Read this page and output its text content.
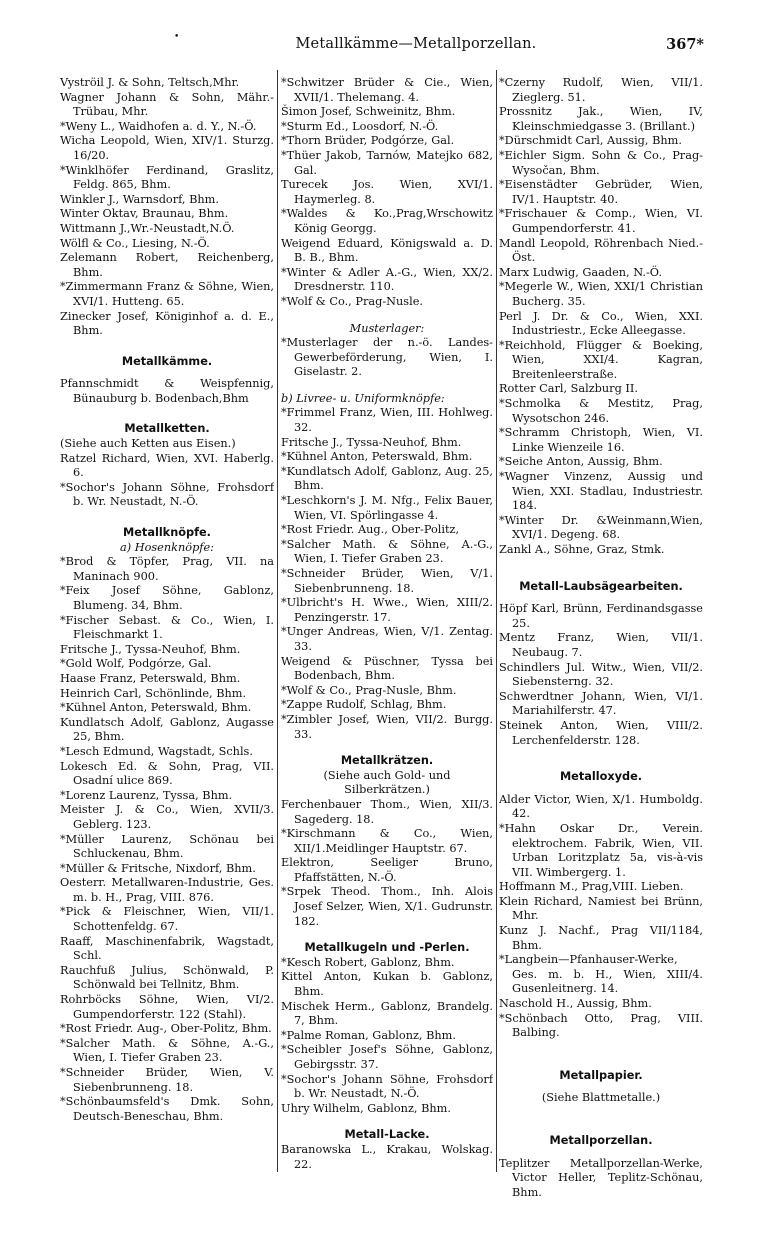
•	Metallkämme—Metallporzellan.	367*
Vyströil J. & Sohn, Teltsch,Mhr.
Wagner Johann & Sohn, Mähr.-Trübau, Mhr.
*Weny L., Waidhofen a. d. Y., N.-Ö.
Wicha Leopold, Wien, XIV/1. Sturzg. 16/20.
*Winklhöfer Ferdinand, Graslitz, Feldg. 865, Bhm.
Winkler J., Warnsdorf, Bhm.
Winter Oktav, Braunau, Bhm.
Wittmann J.,Wr.-Neustadt,N.Ö.
Wölfl & Co., Liesing, N.-Ö.
Zelemann Robert, Reichenberg, Bhm.
*Zimmermann Franz & Söhne, Wien, XVI/1. Hutteng. 65.
Zinecker Josef, Königinhof a. d. E., Bhm.
Metallkämme.
Pfannschmidt & Weispfennig, Bünauburg b. Bodenbach,Bhm
Metallketten.
(Siehe auch Ketten aus Eisen.)
Ratzel Richard, Wien, XVI. Haberlg. 6.
*Sochor's Johann Söhne, Frohsdorf b. Wr. Neustadt, N.-Ö.
Metallknöpfe.
a) Hosenknöpfe:
*Brod & Töpfer, Prag, VII. na Maninach 900.
*Feix Josef Söhne, Gablonz, Blumeng. 34, Bhm.
*Fischer Sebast. & Co., Wien, I. Fleischmarkt 1.
Fritsche J., Tyssa-Neuhof, Bhm.
*Gold Wolf, Podgórze, Gal.
Haase Franz, Peterswald, Bhm.
Heinrich Carl, Schönlinde, Bhm.
*Kühnel Anton, Peterswald, Bhm.
Kundlatsch Adolf, Gablonz, Augasse 25, Bhm.
*Lesch Edmund, Wagstadt, Schls.
Lokesch Ed. & Sohn, Prag, VII. Osadní ulice 869.
*Lorenz Laurenz, Tyssa, Bhm.
Meister J. & Co., Wien, XVII/3. Geblerg. 123.
*Müller Laurenz, Schönau bei Schluckenau, Bhm.
*Müller & Fritsche, Nixdorf, Bhm.
Oesterr. Metallwaren-Industrie, Ges. m. b. H., Prag, VIII. 876.
*Pick & Fleischner, Wien, VII/1. Schottenfeldg. 67.
Raaff, Maschinenfabrik, Wagstadt, Schl.
Rauchfuß Julius, Schönwald, P. Schönwald bei Tellnitz, Bhm.
Rohrböcks Söhne, Wien, VI/2. Gumpendorferstr. 122 (Stahl).
*Rost Friedr. Aug-, Ober-Politz, Bhm.
*Salcher Math. & Söhne, A.-G., Wien, I. Tiefer Graben 23.
*Schneider Brüder, Wien, V. Siebenbrunneng. 18.
*Schönbaumsfeld's Dmk. Sohn, Deutsch-Beneschau, Bhm.
*Schwitzer Brüder & Cie., Wien, XVII/1. Thelemang. 4.
Šimon Josef, Schweinitz, Bhm.
*Sturm Ed., Loosdorf, N.-Ö.
*Thorn Brüder, Podgórze, Gal.
*Thüer Jakob, Tarnów, Matejko 682, Gal.
Turecek Jos. Wien, XVI/1. Haymerleg. 8.
*Waldes & Ko.,Prag,Wrschowitz König Georgg.
Weigend Eduard, Königswald a. D. B. B., Bhm.
*Winter & Adler A.-G., Wien, XX/2. Dresdnerstr. 110.
*Wolf & Co., Prag-Nusle.
Musterlager:
*Musterlager der n.-ö. Landes-Gewerbeförderung, Wien, I. Giselastr. 2.
b) Livree- u. Uniformknöpfe:
*Frimmel Franz, Wien, III. Hohlweg. 32.
Fritsche J., Tyssa-Neuhof, Bhm.
*Kühnel Anton, Peterswald, Bhm.
*Kundlatsch Adolf, Gablonz, Aug. 25, Bhm.
*Leschkorn's J. M. Nfg., Felix Bauer, Wien, VI. Spörlingasse 4.
*Rost Friedr. Aug., Ober-Politz,
*Salcher Math. & Söhne, A.-G., Wien, I. Tiefer Graben 23.
*Schneider Brüder, Wien, V/1. Siebenbrunneng. 18.
*Ulbricht's H. Wwe., Wien, XIII/2. Penzingerstr. 17.
*Unger Andreas, Wien, V/1. Zentag. 33.
Weigend & Püschner, Tyssa bei Bodenbach, Bhm.
*Wolf & Co., Prag-Nusle, Bhm.
*Zappe Rudolf, Schlag, Bhm.
*Zimbler Josef, Wien, VII/2. Burgg. 33.
Metallkrätzen.
(Siehe auch Gold- und Silberkrätzen.)
Ferchenbauer Thom., Wien, XII/3. Sagederg. 18.
*Kirschmann & Co., Wien, XII/1.Meidlinger Hauptstr. 67.
Elektron, Seeliger Bruno, Pfaffstätten, N.-Ö.
*Srpek Theod. Thom., Inh. Alois Josef Selzer, Wien, X/1. Gudrunstr. 182.
Metallkugeln und -Perlen.
*Kesch Robert, Gablonz, Bhm.
Kittel Anton, Kukan b. Gablonz, Bhm.
Mischek Herm., Gablonz, Brandelg. 7, Bhm.
*Palme Roman, Gablonz, Bhm.
*Scheibler Josef's Söhne, Gablonz, Gebirgsstr. 37.
*Sochor's Johann Söhne, Frohsdorf b. Wr. Neustadt, N.-Ö.
Uhry Wilhelm, Gablonz, Bhm.
Metall-Lacke.
Baranowska L., Krakau, Wolskag. 22.
*Czerny Rudolf, Wien, VII/1. Zieglerg. 51.
Prossnitz Jak., Wien, IV, Kleinschmiedgasse 3. (Brillant.)
*Dürschmidt Carl, Aussig, Bhm.
*Eichler Sigm. Sohn & Co., Prag-Wysočan, Bhm.
*Eisenstädter Gebrüder, Wien, IV/1. Hauptstr. 40.
*Frischauer & Comp., Wien, VI. Gumpendorferstr. 41.
Mandl Leopold, Röhrenbach Nied.-Öst.
Marx Ludwig, Gaaden, N.-Ö.
*Megerle W., Wien, XXI/1 Christian Bucherg. 35.
Perl J. Dr. & Co., Wien, XXI. Industriestr., Ecke Alleegasse.
*Reichhold, Flügger & Boeking, Wien, XXI/4. Kagran, Breitenleerstraße.
Rotter Carl, Salzburg II.
*Schmolka & Mestitz, Prag, Wysotschon 246.
*Schramm Christoph, Wien, VI. Linke Wienzeile 16.
*Seiche Anton, Aussig, Bhm.
*Wagner Vinzenz, Aussig und Wien, XXI. Stadlau, Industriestr. 184.
*Winter Dr. &Weinmann,Wien, XVI/1. Degeng. 68.
Zankl A., Söhne, Graz, Stmk.
Metall-Laubsägearbeiten.
Höpf Karl, Brünn, Ferdinandsgasse 25.
Mentz Franz, Wien, VII/1. Neubaug. 7.
Schindlers Jul. Witw., Wien, VII/2. Siebensterng. 32.
Schwerdtner Johann, Wien, VI/1. Mariahilferstr. 47.
Steinek Anton, Wien, VIII/2. Lerchenfelderstr. 128.
Metalloxyde.
Alder Victor, Wien, X/1. Humboldg. 42.
*Hahn Oskar Dr., Verein. elektrochem. Fabrik, Wien, VII. Urban Loritzplatz 5a, vis-à-vis VII. Wimbergerg. 1.
Hoffmann M., Prag,VIII. Lieben.
Klein Richard, Namiest bei Brünn, Mhr.
Kunz J. Nachf., Prag VII/1184, Bhm.
*Langbein—Pfanhauser-Werke, Ges. m. b. H., Wien, XIII/4. Gusenleitnerg. 14.
Naschold H., Aussig, Bhm.
*Schönbach Otto, Prag, VIII. Balbing.
Metallpapier.
(Siehe Blattmetalle.)
Metallporzellan.
Teplitzer Metallporzellan-Werke, Victor Heller, Teplitz-Schönau, Bhm.
